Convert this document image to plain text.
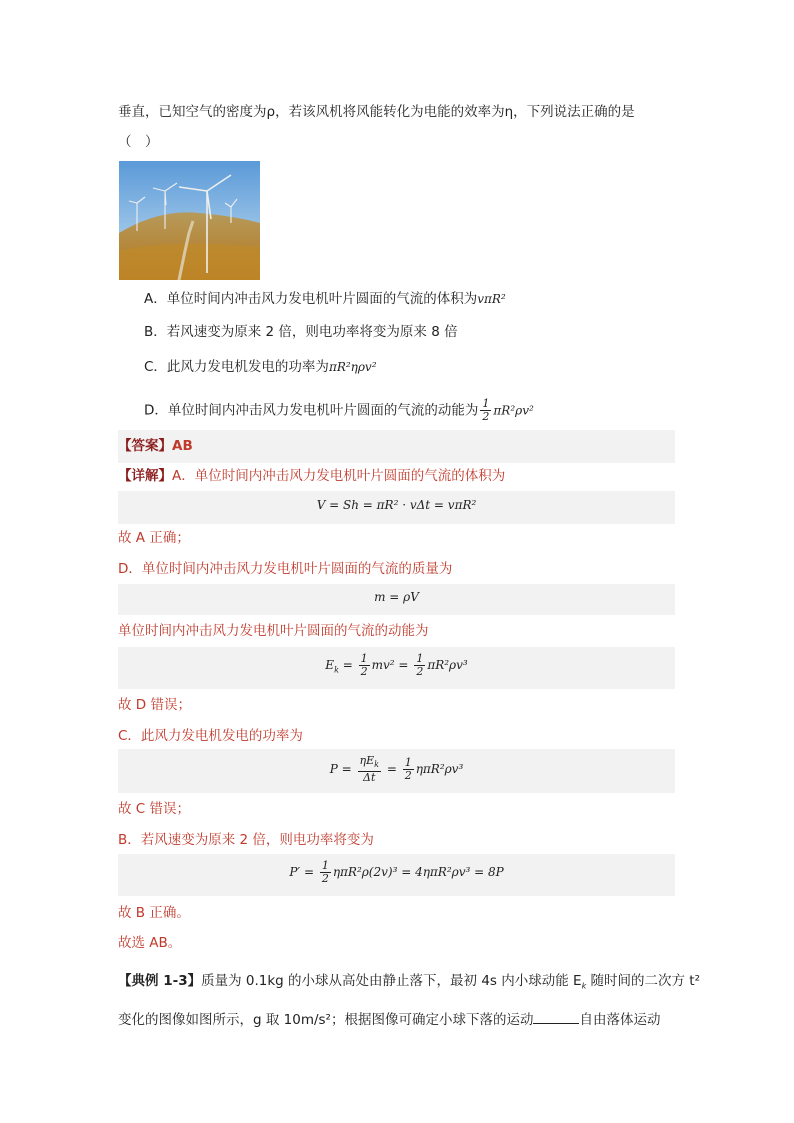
垂直，已知空气的密度为ρ，若该风机将风能转化为电能的效率为η，下列说法正确的是
（　）
A．单位时间内冲击风力发电机叶片圆面的气流的体积为vπR²
B．若风速变为原来 2 倍，则电功率将变为原来 8 倍
C．此风力发电机发电的功率为πR²ηρv²
D．单位时间内冲击风力发电机叶片圆面的气流的动能为 $\frac{1}{2} \pi R^2\rho v^2$
【答案】AB
【详解】A．单位时间内冲击风力发电机叶片圆面的气流的体积为
V = Sh = πR² · vΔt = vπR²
故 A 正确；
D．单位时间内冲击风力发电机叶片圆面的气流的质量为
m = ρV
单位时间内冲击风力发电机叶片圆面的气流的动能为
$E_k = \frac{1}{2} mv^2 = \frac{1}{2} \pi R^2\rho v^3$
故 D 错误；
C．此风力发电机发电的功率为
$P = \frac{\eta E_k}{\Delta t} = \frac{1}{2} \eta\pi R^2\rho v^3$
故 C 错误；
B．若风速变为原来 2 倍，则电功率将变为
$P' = \frac{1}{2} \eta\pi R^2\rho(2v)^3 = 4\eta\pi R^2\rho v^3 = 8P$
故 B 正确。
故选 AB。
【典例 1-3】质量为 0.1kg 的小球从高处由静止落下，最初 4s 内小球动能 $E_k$ 随时间的二次方 t²
变化的图像如图所示，g 取 10m/s²；根据图像可确定小球下落的运动	自由落体运动
